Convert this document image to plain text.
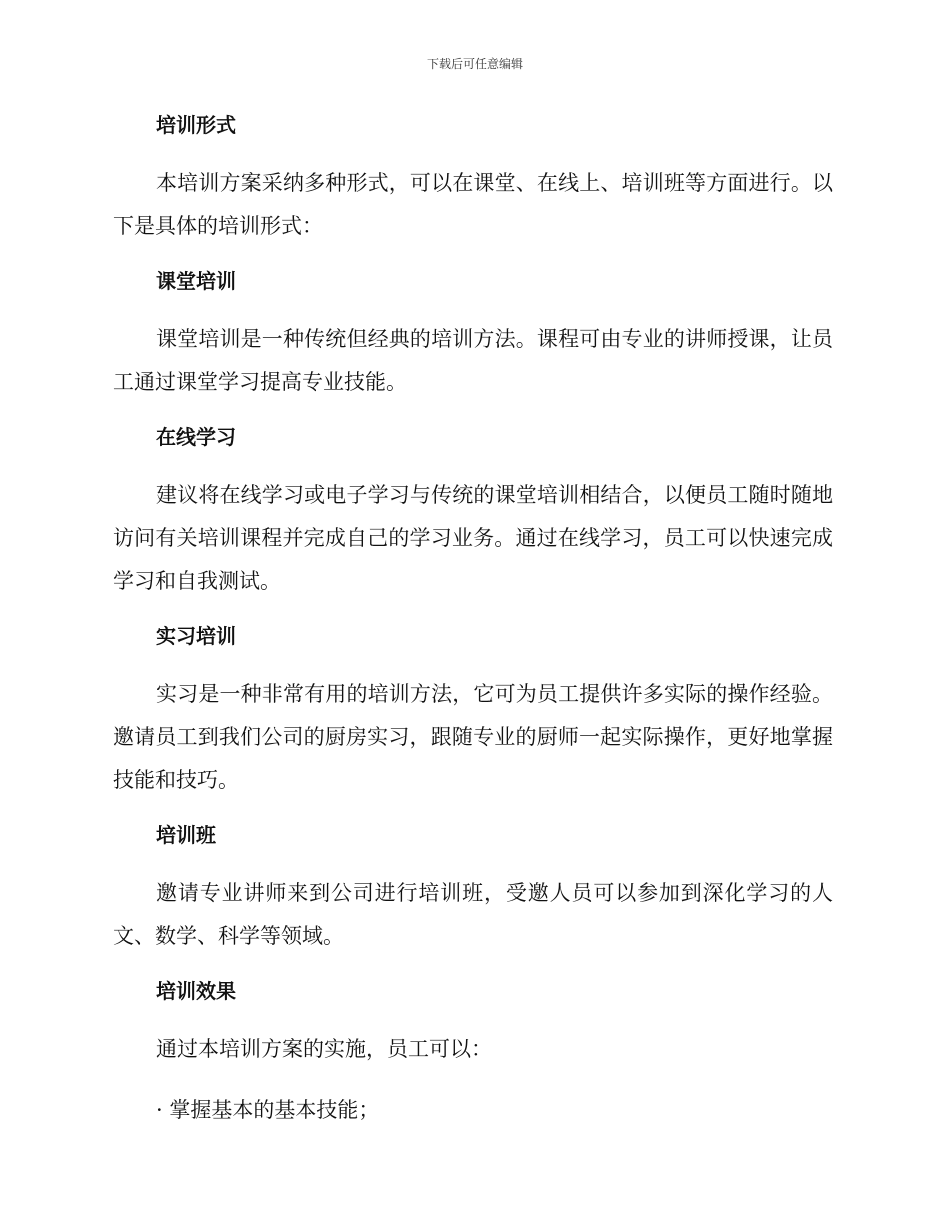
下载后可任意编辑
培训形式

本培训方案采纳多种形式，可以在课堂、在线上、培训班等方面进行。以下是具体的培训形式：

课堂培训

课堂培训是一种传统但经典的培训方法。课程可由专业的讲师授课，让员工通过课堂学习提高专业技能。

在线学习

建议将在线学习或电子学习与传统的课堂培训相结合，以便员工随时随地访问有关培训课程并完成自己的学习业务。通过在线学习，员工可以快速完成学习和自我测试。

实习培训

实习是一种非常有用的培训方法，它可为员工提供许多实际的操作经验。邀请员工到我们公司的厨房实习，跟随专业的厨师一起实际操作，更好地掌握技能和技巧。

培训班

邀请专业讲师来到公司进行培训班，受邀人员可以参加到深化学习的人文、数学、科学等领域。

培训效果

通过本培训方案的实施，员工可以：

· 掌握基本的基本技能；
